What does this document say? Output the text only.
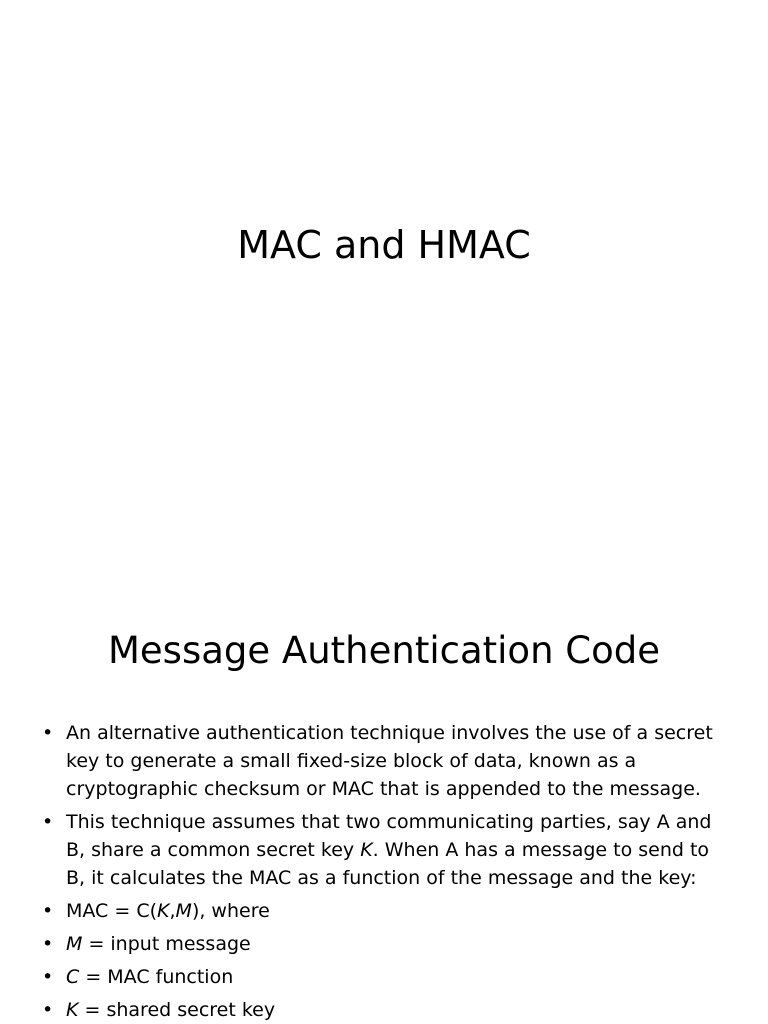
MAC and HMAC
Message Authentication Code
• An alternative authentication technique involves the use of a secret key to generate a small fixed-size block of data, known as a cryptographic checksum or MAC that is appended to the message.
• This technique assumes that two communicating parties, say A and B, share a common secret key K. When A has a message to send to B, it calculates the MAC as a function of the message and the key:
• MAC = C(K,M), where
• M = input message
• C = MAC function
• K = shared secret key
